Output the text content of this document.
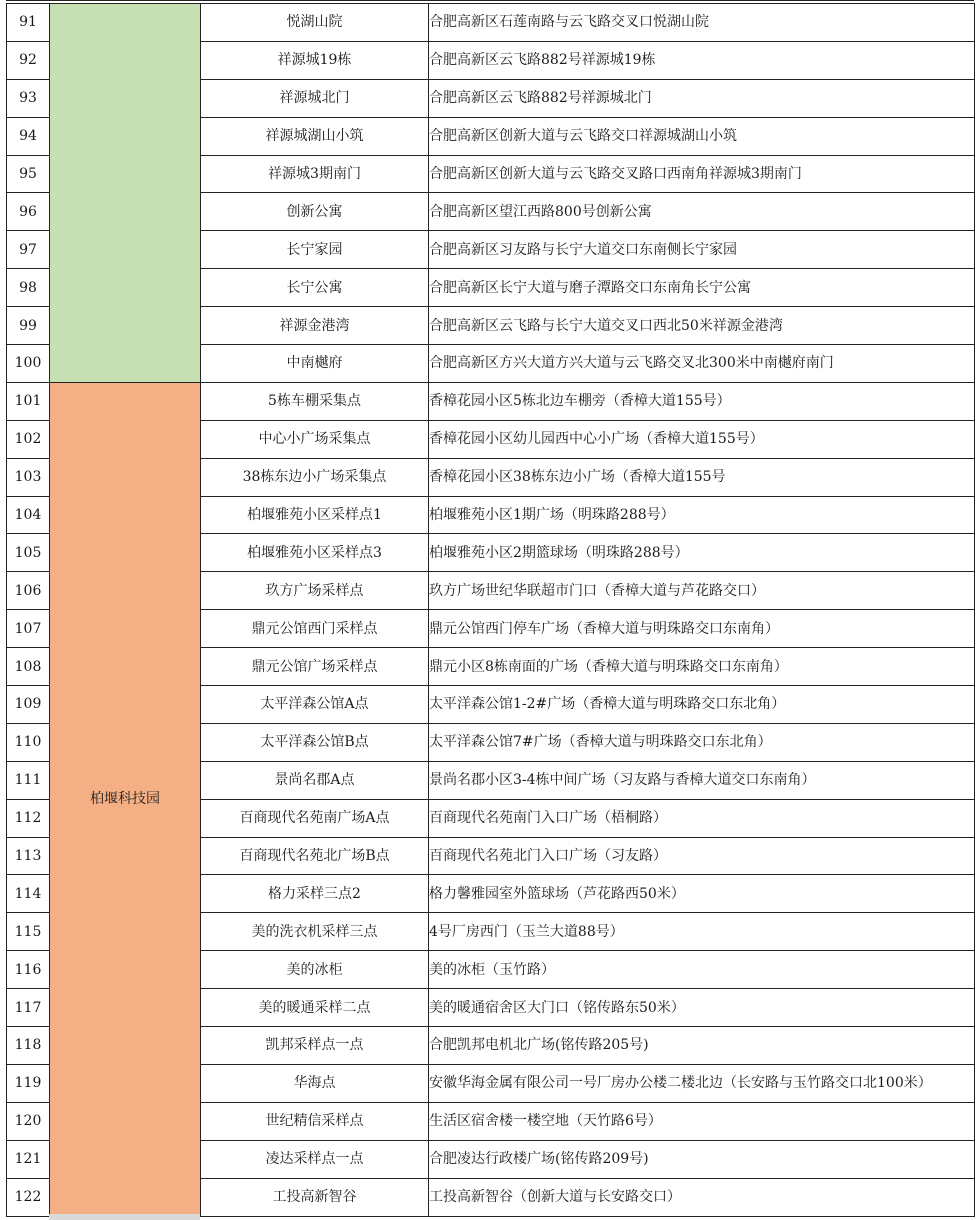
91		悦湖山院	合肥高新区石莲南路与云飞路交叉口悦湖山院
92		祥源城19栋	合肥高新区云飞路882号祥源城19栋
93		祥源城北门	合肥高新区云飞路882号祥源城北门
94		祥源城湖山小筑	合肥高新区创新大道与云飞路交口祥源城湖山小筑
95		祥源城3期南门	合肥高新区创新大道与云飞路交叉路口西南角祥源城3期南门
96		创新公寓	合肥高新区望江西路800号创新公寓
97		长宁家园	合肥高新区习友路与长宁大道交口东南侧长宁家园
98		长宁公寓	合肥高新区长宁大道与磨子潭路交口东南角长宁公寓
99		祥源金港湾	合肥高新区云飞路与长宁大道交叉口西北50米祥源金港湾
100		中南樾府	合肥高新区方兴大道方兴大道与云飞路交叉北300米中南樾府南门
101	柏堰科技园	5栋车棚采集点	香樟花园小区5栋北边车棚旁（香樟大道155号）
102		中心小广场采集点	香樟花园小区幼儿园西中心小广场（香樟大道155号）
103		38栋东边小广场采集点	香樟花园小区38栋东边小广场（香樟大道155号
104		柏堰雅苑小区采样点1	柏堰雅苑小区1期广场（明珠路288号）
105		柏堰雅苑小区采样点3	柏堰雅苑小区2期篮球场（明珠路288号）
106		玖方广场采样点	玖方广场世纪华联超市门口（香樟大道与芦花路交口）
107		鼎元公馆西门采样点	鼎元公馆西门停车广场（香樟大道与明珠路交口东南角）
108		鼎元公馆广场采样点	鼎元小区8栋南面的广场（香樟大道与明珠路交口东南角）
109		太平洋森公馆A点	太平洋森公馆1-2#广场（香樟大道与明珠路交口东北角）
110		太平洋森公馆B点	太平洋森公馆7#广场（香樟大道与明珠路交口东北角）
111		景尚名郡A点	景尚名郡小区3-4栋中间广场（习友路与香樟大道交口东南角）
112		百商现代名苑南广场A点	百商现代名苑南门入口广场（梧桐路）
113		百商现代名苑北广场B点	百商现代名苑北门入口广场（习友路）
114		格力采样三点2	格力馨雅园室外篮球场（芦花路西50米）
115		美的洗衣机采样三点	4号厂房西门（玉兰大道88号）
116		美的冰柜	美的冰柜（玉竹路）
117		美的暖通采样二点	美的暖通宿舍区大门口（铭传路东50米）
118		凯邦采样点一点	合肥凯邦电机北广场(铭传路205号)
119		华海点	安徽华海金属有限公司一号厂房办公楼二楼北边（长安路与玉竹路交口北100米）
120		世纪精信采样点	生活区宿舍楼一楼空地（天竹路6号）
121		凌达采样点一点	合肥凌达行政楼广场(铭传路209号)
122		工投高新智谷	工投高新智谷（创新大道与长安路交口）
